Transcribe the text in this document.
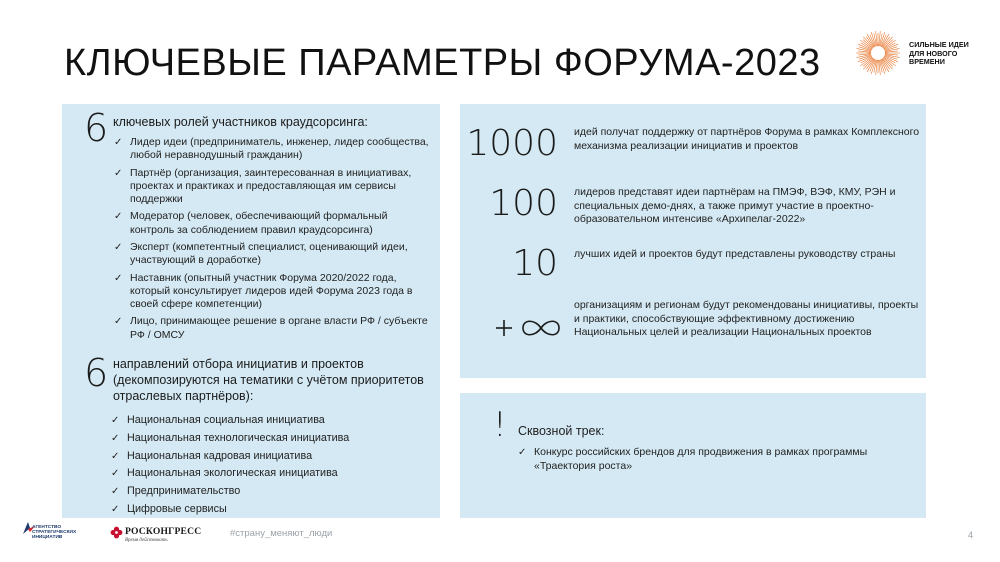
КЛЮЧЕВЫЕ ПАРАМЕТРЫ ФОРУМА-2023	СИЛЬНЫЕ ИДЕИ
ДЛЯ НОВОГО
ВРЕМЕНИ
6 ключевых ролей участников краудсорсинга:
✓ Лидер идеи (предприниматель, инженер, лидер сообщества, любой неравнодушный гражданин)
✓ Партнёр (организация, заинтересованная в инициативах, проектах и практиках и предоставляющая им сервисы поддержки
✓ Модератор (человек, обеспечивающий формальный контроль за соблюдением правил краудсорсинга)
✓ Эксперт (компетентный специалист, оценивающий идеи, участвующий в доработке)
✓ Наставник (опытный участник Форума 2020/2022 года, который консультирует лидеров идей Форума 2023 года в своей сфере компетенции)
✓ Лицо, принимающее решение в органе власти РФ / субъекте РФ / ОМСУ
6 направлений отбора инициатив и проектов (декомпозируются на тематики с учётом приоритетов отраслевых партнёров):
✓ Национальная социальная инициатива
✓ Национальная технологическая инициатива
✓ Национальная кадровая инициатива
✓ Национальная экологическая инициатива
✓ Предпринимательство
✓ Цифровые сервисы
1000 идей получат поддержку от партнёров Форума в рамках Комплексного механизма реализации инициатив и проектов
100 лидеров представят идеи партнёрам на ПМЭФ, ВЭФ, КМУ, РЭН и специальных демо-днях, а также примут участие в проектно-образовательном интенсиве «Архипелаг-2022»
10 лучших идей и проектов будут представлены руководству страны
организациям и регионам будут рекомендованы инициативы, проекты и практики, способствующие эффективному достижению Национальных целей и реализации Национальных проектов
! Сквозной трек:
✓ Конкурс российских брендов для продвижения в рамках программы «Траектория роста»
АГЕНТСТВО
СТРАТЕГИЧЕСКИХ
ИНИЦИАТИВ
РОСКОНГРЕСС
Время действовать
#страну_меняют_люди	4
